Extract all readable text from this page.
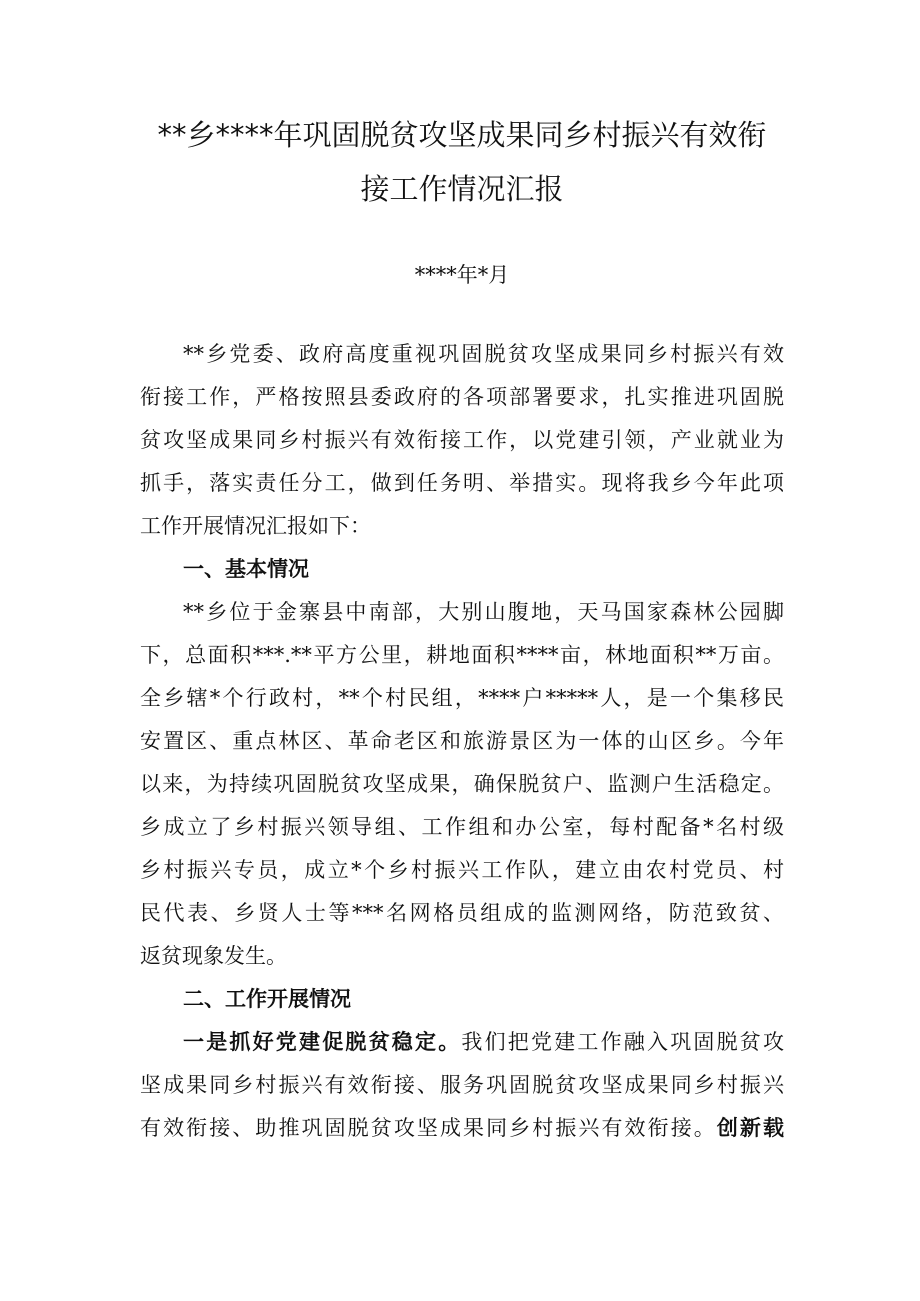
**乡****年巩固脱贫攻坚成果同乡村振兴有效衔
接工作情况汇报
****年*月
**乡党委、政府高度重视巩固脱贫攻坚成果同乡村振兴有效
衔接工作，严格按照县委政府的各项部署要求，扎实推进巩固脱
贫攻坚成果同乡村振兴有效衔接工作，以党建引领，产业就业为
抓手，落实责任分工，做到任务明、举措实。现将我乡今年此项
工作开展情况汇报如下：
一、基本情况
**乡位于金寨县中南部，大别山腹地，天马国家森林公园脚
下，总面积***.**平方公里，耕地面积****亩，林地面积**万亩。
全乡辖*个行政村，**个村民组，****户*****人，是一个集移民
安置区、重点林区、革命老区和旅游景区为一体的山区乡。今年
以来，为持续巩固脱贫攻坚成果，确保脱贫户、监测户生活稳定。
乡成立了乡村振兴领导组、工作组和办公室，每村配备*名村级
乡村振兴专员，成立*个乡村振兴工作队，建立由农村党员、村
民代表、乡贤人士等***名网格员组成的监测网络，防范致贫、
返贫现象发生。
二、工作开展情况
一是抓好党建促脱贫稳定。我们把党建工作融入巩固脱贫攻
坚成果同乡村振兴有效衔接、服务巩固脱贫攻坚成果同乡村振兴
有效衔接、助推巩固脱贫攻坚成果同乡村振兴有效衔接。创新载
